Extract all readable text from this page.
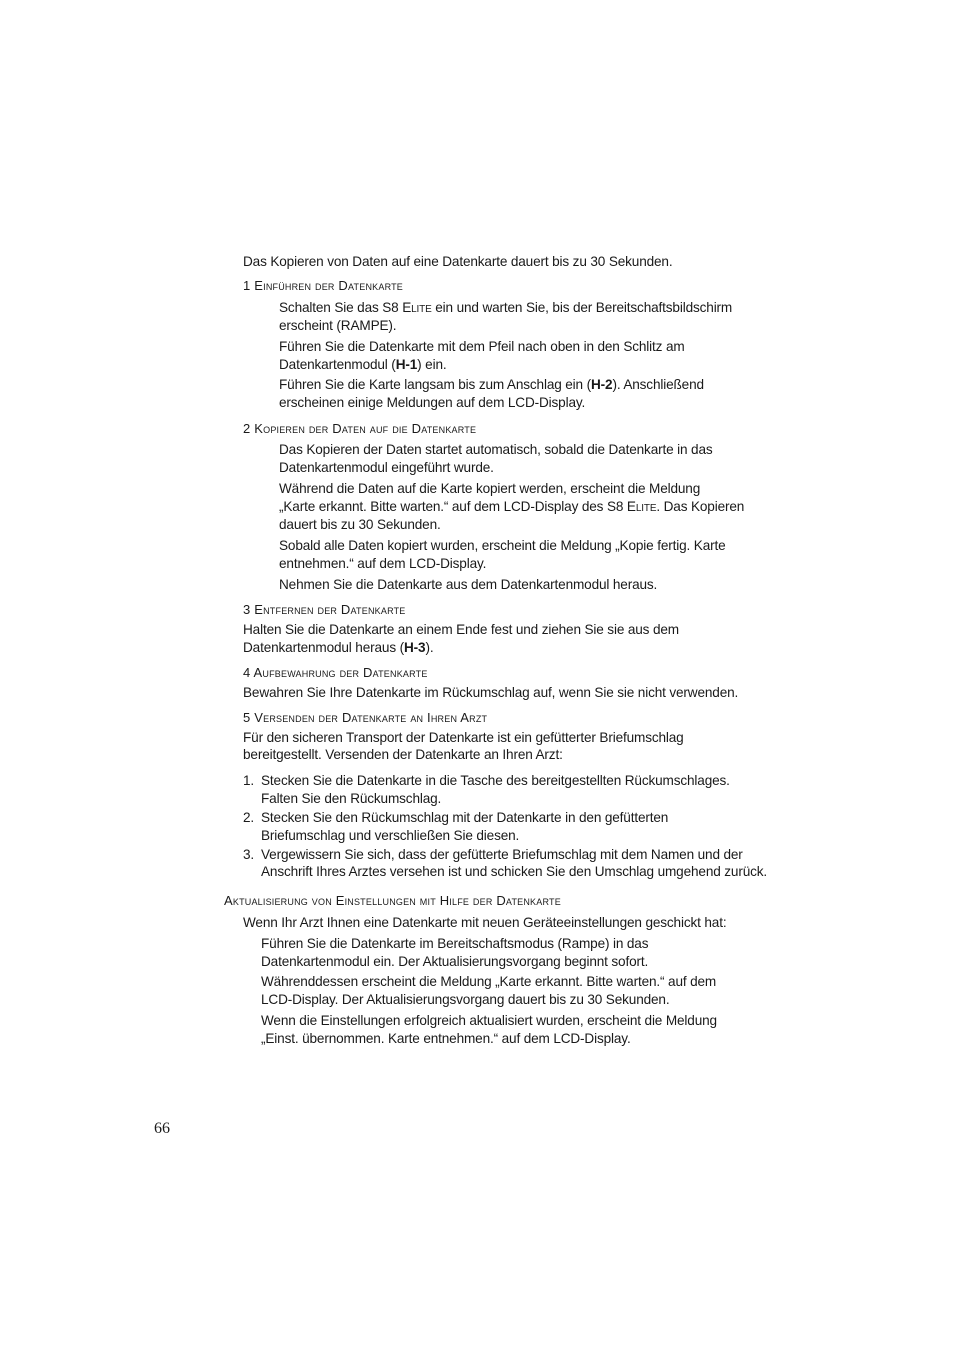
Das Kopieren von Daten auf eine Datenkarte dauert bis zu 30 Sekunden.
1 Einführen der Datenkarte
Schalten Sie das S8 Elite ein und warten Sie, bis der Bereitschaftsbildschirm
erscheint (RAMPE).
Führen Sie die Datenkarte mit dem Pfeil nach oben in den Schlitz am
Datenkartenmodul (H-1) ein.
Führen Sie die Karte langsam bis zum Anschlag ein (H-2). Anschließend
erscheinen einige Meldungen auf dem LCD-Display.
2 Kopieren der Daten auf die Datenkarte
Das Kopieren der Daten startet automatisch, sobald die Datenkarte in das
Datenkartenmodul eingeführt wurde.
Während die Daten auf die Karte kopiert werden, erscheint die Meldung
„Karte erkannt. Bitte warten.“ auf dem LCD-Display des S8 Elite. Das Kopieren
dauert bis zu 30 Sekunden.
Sobald alle Daten kopiert wurden, erscheint die Meldung „Kopie fertig. Karte
entnehmen.“ auf dem LCD-Display.
Nehmen Sie die Datenkarte aus dem Datenkartenmodul heraus.
3 Entfernen der Datenkarte
Halten Sie die Datenkarte an einem Ende fest und ziehen Sie sie aus dem
Datenkartenmodul heraus (H-3).
4 Aufbewahrung der Datenkarte
Bewahren Sie Ihre Datenkarte im Rückumschlag auf, wenn Sie sie nicht verwenden.
5 Versenden der Datenkarte an Ihren Arzt
Für den sicheren Transport der Datenkarte ist ein gefütterter Briefumschlag
bereitgestellt. Versenden der Datenkarte an Ihren Arzt:
1. Stecken Sie die Datenkarte in die Tasche des bereitgestellten Rückumschlages.
Falten Sie den Rückumschlag.
2. Stecken Sie den Rückumschlag mit der Datenkarte in den gefütterten
Briefumschlag und verschließen Sie diesen.
3. Vergewissern Sie sich, dass der gefütterte Briefumschlag mit dem Namen und der
Anschrift Ihres Arztes versehen ist und schicken Sie den Umschlag umgehend zurück.
Aktualisierung von Einstellungen mit Hilfe der Datenkarte
Wenn Ihr Arzt Ihnen eine Datenkarte mit neuen Geräteeinstellungen geschickt hat:
Führen Sie die Datenkarte im Bereitschaftsmodus (Rampe) in das
Datenkartenmodul ein. Der Aktualisierungsvorgang beginnt sofort.
Währenddessen erscheint die Meldung „Karte erkannt. Bitte warten.“ auf dem
LCD-Display. Der Aktualisierungsvorgang dauert bis zu 30 Sekunden.
Wenn die Einstellungen erfolgreich aktualisiert wurden, erscheint die Meldung
„Einst. übernommen. Karte entnehmen.“ auf dem LCD-Display.
66
